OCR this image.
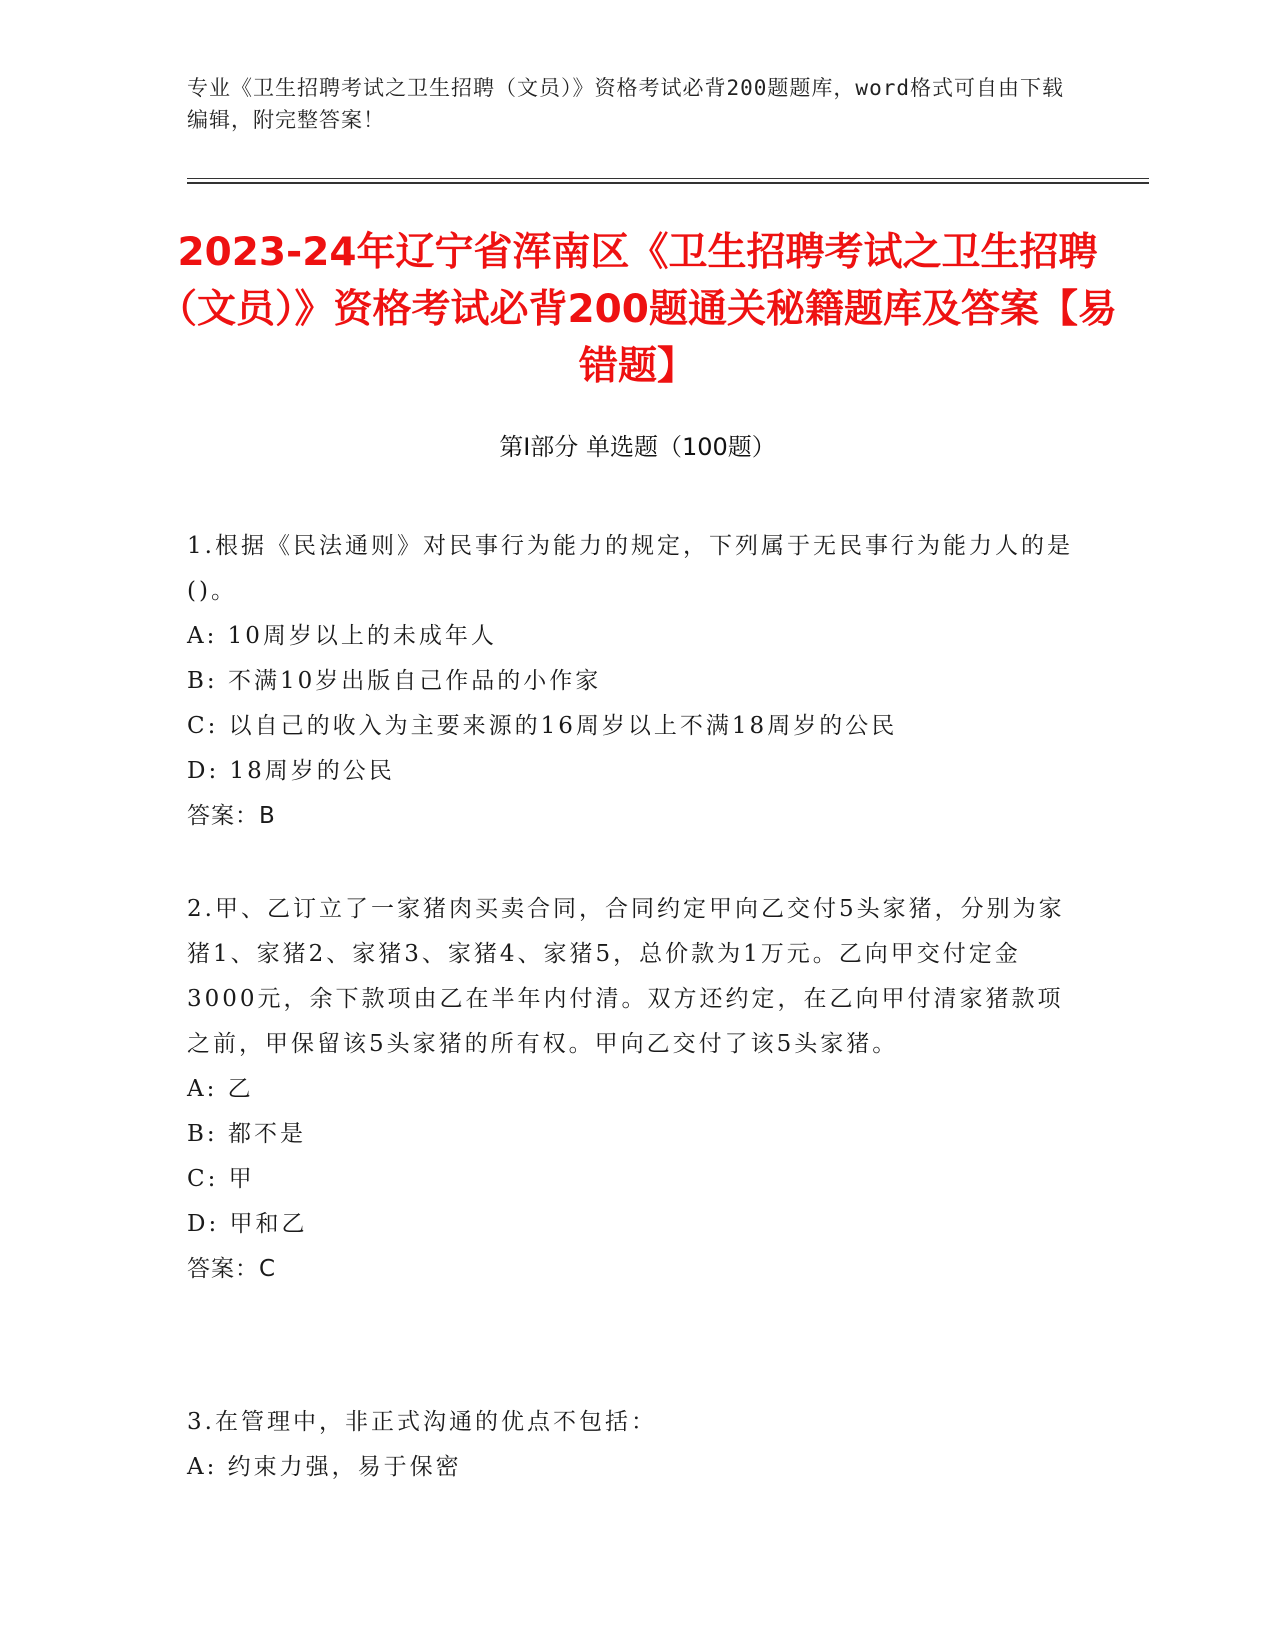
专业《卫生招聘考试之卫生招聘（文员）》资格考试必背200题题库，word格式可自由下载编辑，附完整答案！
2023-24年辽宁省浑南区《卫生招聘考试之卫生招聘（文员）》资格考试必背200题通关秘籍题库及答案【易错题】
第Ⅰ部分 单选题（100题）
1.根据《民法通则》对民事行为能力的规定，下列属于无民事行为能力人的是()。
A: 10周岁以上的未成年人
B: 不满10岁出版自己作品的小作家
C: 以自己的收入为主要来源的16周岁以上不满18周岁的公民
D: 18周岁的公民
答案：B
2.甲、乙订立了一家猪肉买卖合同，合同约定甲向乙交付5头家猪，分别为家猪1、家猪2、家猪3、家猪4、家猪5，总价款为1万元。乙向甲交付定金3000元，余下款项由乙在半年内付清。双方还约定，在乙向甲付清家猪款项之前，甲保留该5头家猪的所有权。甲向乙交付了该5头家猪。
A: 乙
B: 都不是
C: 甲
D: 甲和乙
答案：C
3.在管理中，非正式沟通的优点不包括：
A: 约束力强，易于保密
